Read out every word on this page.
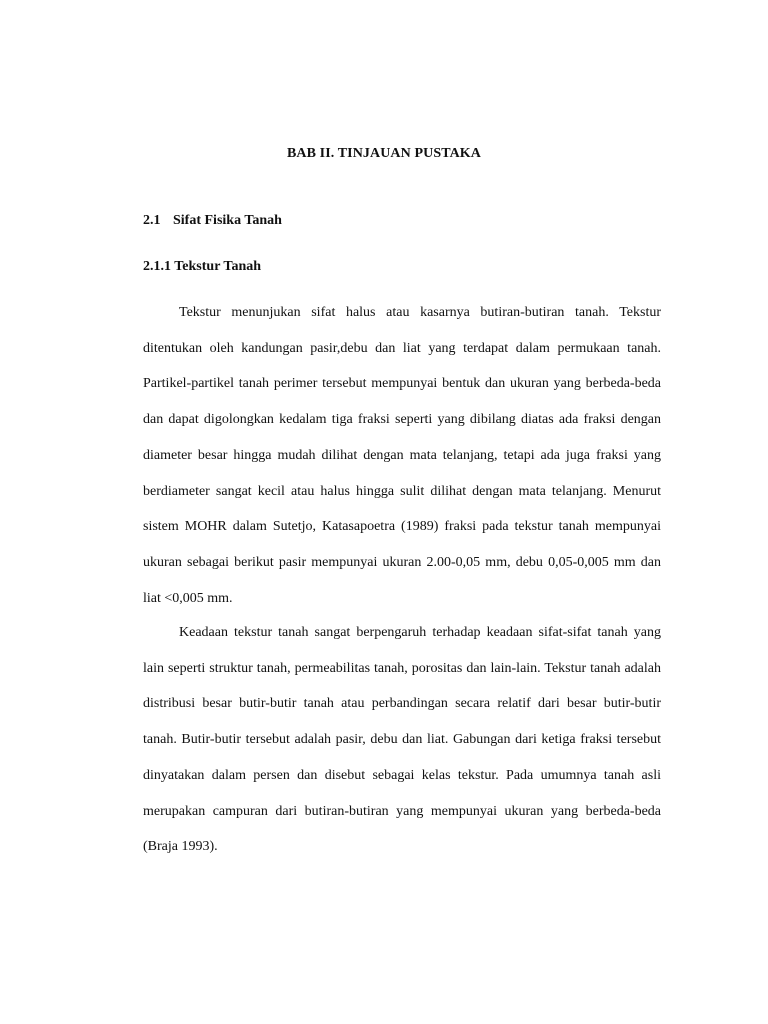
BAB II. TINJAUAN PUSTAKA
2.1 Sifat Fisika Tanah
2.1.1 Tekstur Tanah

Tekstur menunjukan sifat halus atau kasarnya butiran-butiran tanah. Tekstur ditentukan oleh kandungan pasir,debu dan liat yang terdapat dalam permukaan tanah. Partikel-partikel tanah perimer tersebut mempunyai bentuk dan ukuran yang berbeda-beda dan dapat digolongkan kedalam tiga fraksi seperti yang dibilang diatas ada fraksi dengan diameter besar hingga mudah dilihat dengan mata telanjang, tetapi ada juga fraksi yang berdiameter sangat kecil atau halus hingga sulit dilihat dengan mata telanjang. Menurut sistem MOHR dalam Sutetjo, Katasapoetra (1989) fraksi pada tekstur tanah mempunyai ukuran sebagai berikut pasir mempunyai ukuran 2.00-0,05 mm, debu 0,05-0,005 mm dan liat <0,005 mm.

Keadaan tekstur tanah sangat berpengaruh terhadap keadaan sifat-sifat tanah yang lain seperti struktur tanah, permeabilitas tanah, porositas dan lain-lain. Tekstur tanah adalah distribusi besar butir-butir tanah atau perbandingan secara relatif dari besar butir-butir tanah. Butir-butir tersebut adalah pasir, debu dan liat. Gabungan dari ketiga fraksi tersebut dinyatakan dalam persen dan disebut sebagai kelas tekstur. Pada umumnya tanah asli merupakan campuran dari butiran-butiran yang mempunyai ukuran yang berbeda-beda (Braja 1993).
